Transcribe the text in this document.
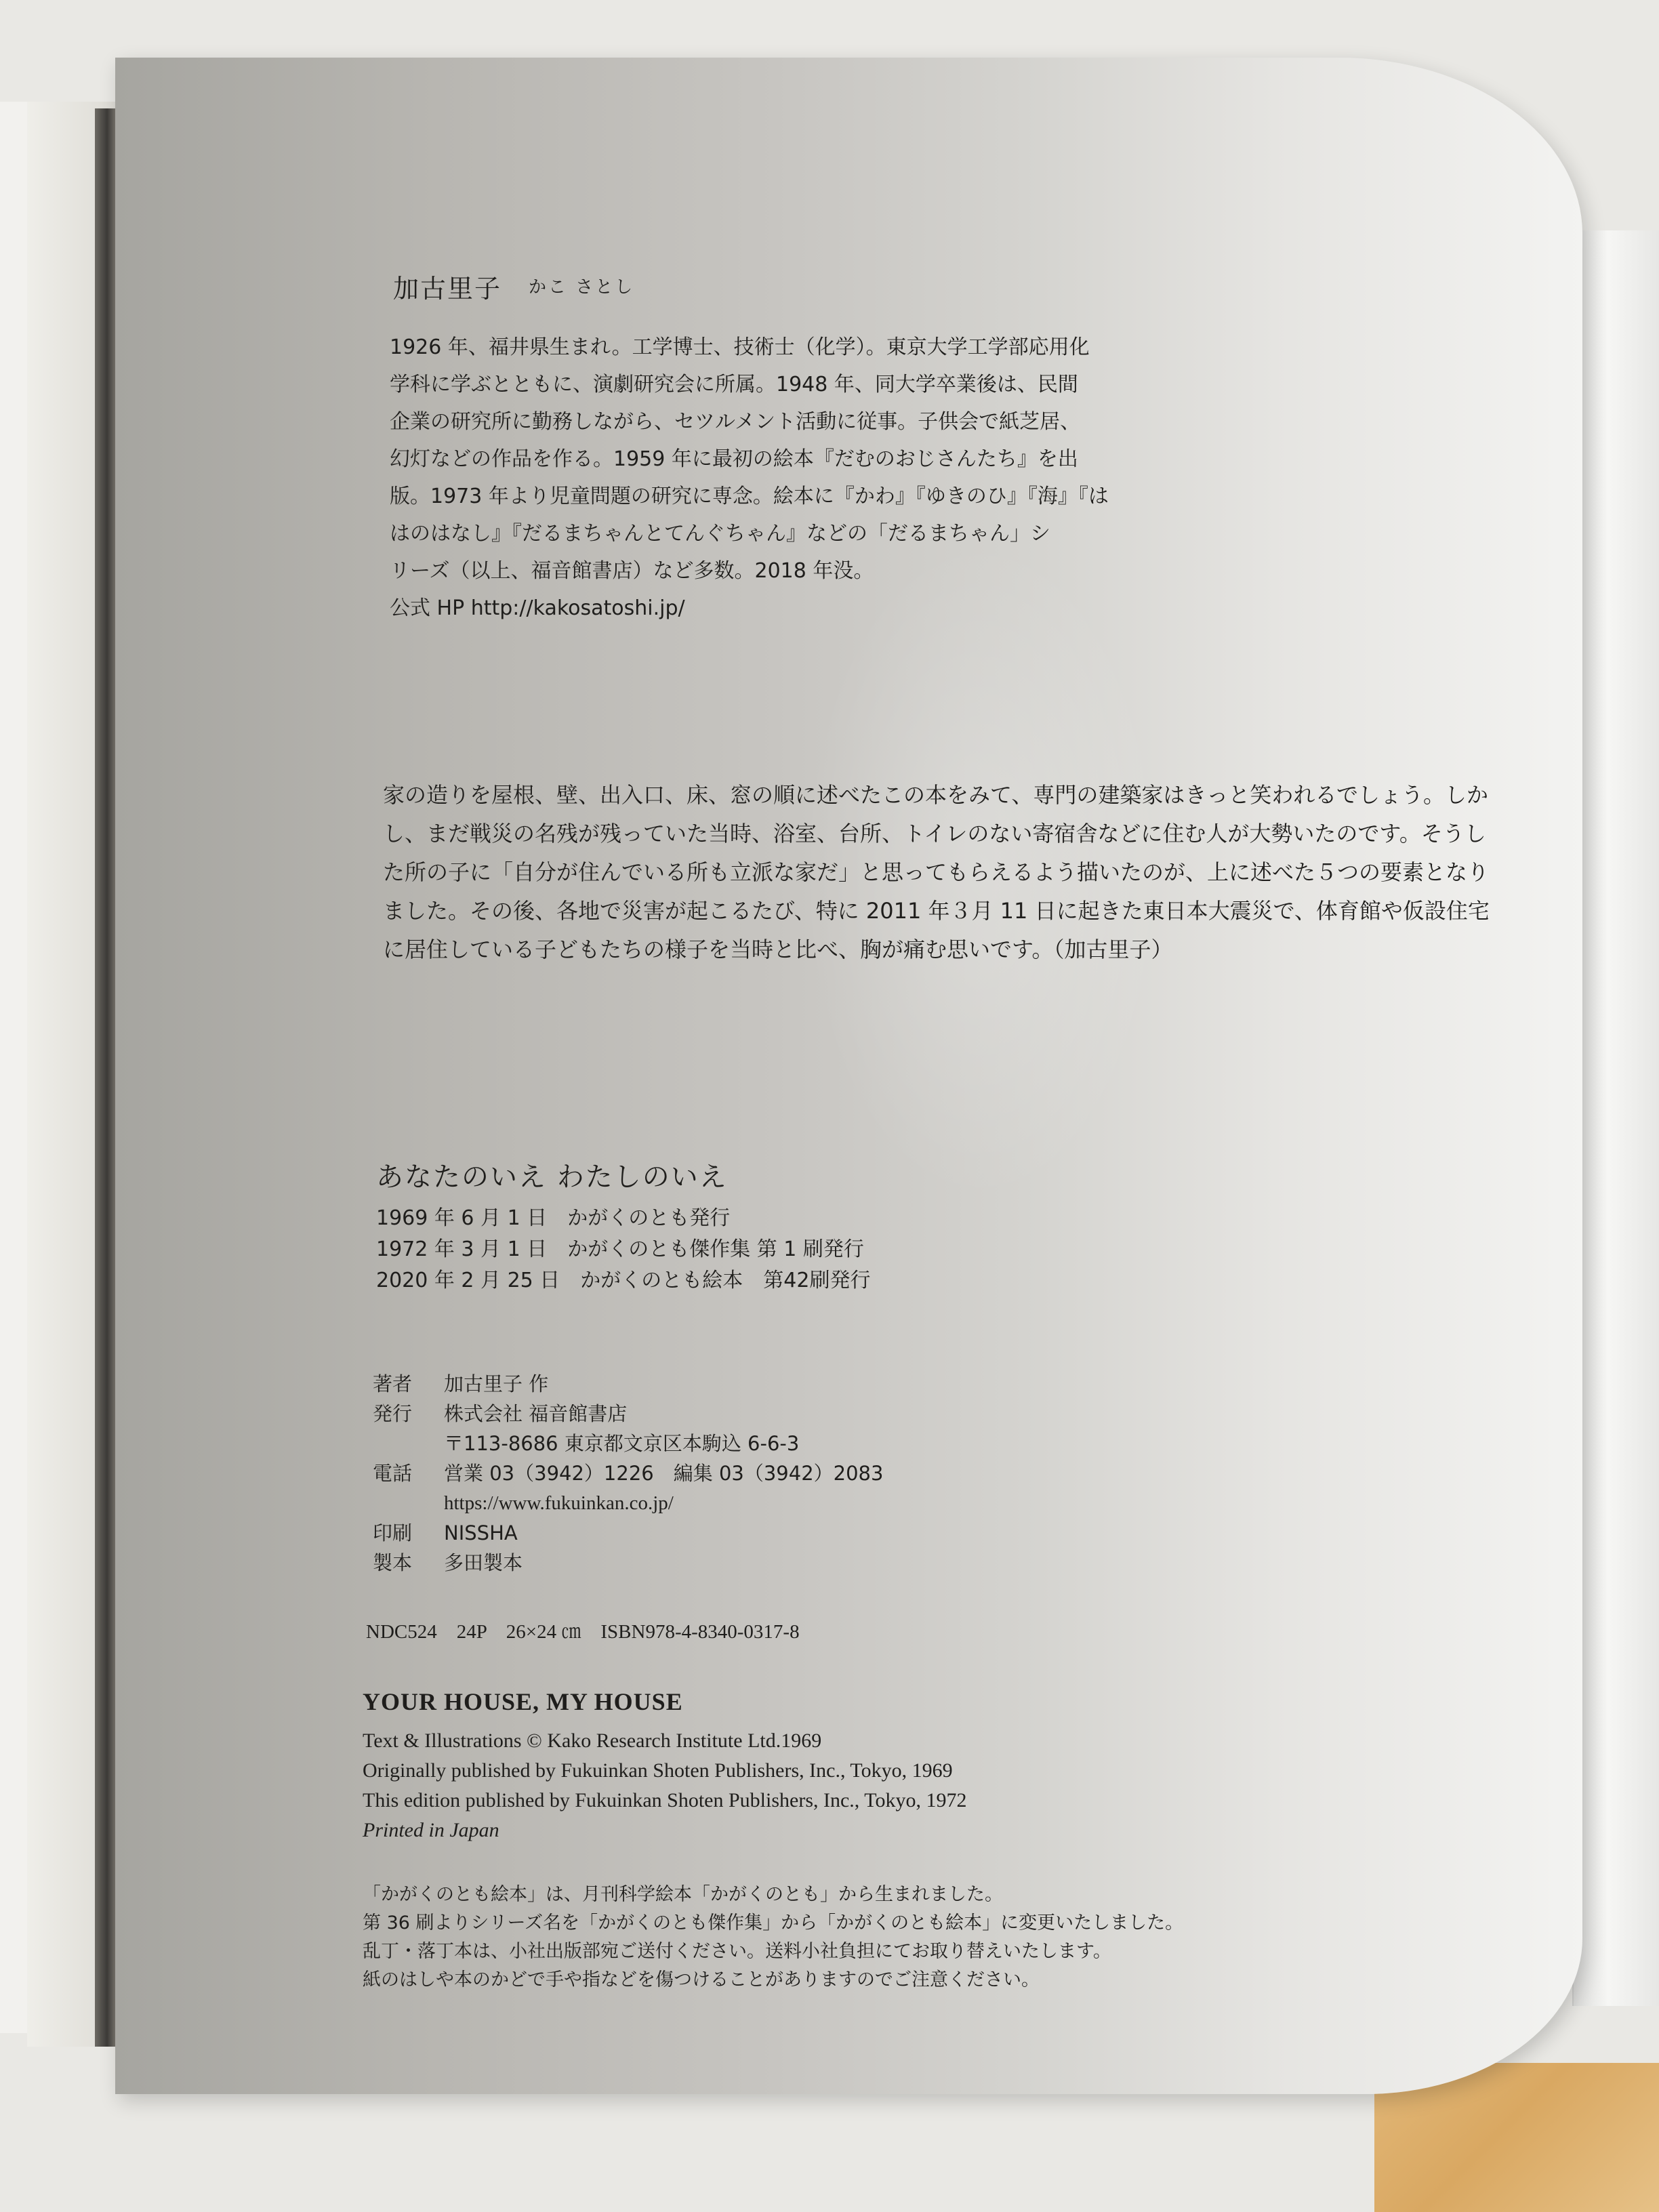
加古里子 かこ さとし
1926 年、福井県生まれ。工学博士、技術士（化学）。東京大学工学部応用化
学科に学ぶとともに、演劇研究会に所属。1948 年、同大学卒業後は、民間
企業の研究所に勤務しながら、セツルメント活動に従事。子供会で紙芝居、
幻灯などの作品を作る。1959 年に最初の絵本『だむのおじさんたち』を出
版。1973 年より児童問題の研究に専念。絵本に『かわ』『ゆきのひ』『海』『は
はのはなし』『だるまちゃんとてんぐちゃん』などの「だるまちゃん」シ
リーズ（以上、福音館書店）など多数。2018 年没。
公式 HP http://kakosatoshi.jp/
家の造りを屋根、壁、出入口、床、窓の順に述べたこの本をみて、専門の建築家はきっと笑われるでしょう。しか
し、まだ戦災の名残が残っていた当時、浴室、台所、トイレのない寄宿舎などに住む人が大勢いたのです。そうし
た所の子に「自分が住んでいる所も立派な家だ」と思ってもらえるよう描いたのが、上に述べた５つの要素となり
ました。その後、各地で災害が起こるたび、特に 2011 年３月 11 日に起きた東日本大震災で、体育館や仮設住宅
に居住している子どもたちの様子を当時と比べ、胸が痛む思いです。（加古里子）
あなたのいえ わたしのいえ
1969 年 6 月 1 日　かがくのとも発行
1972 年 3 月 1 日　かがくのとも傑作集 第 1 刷発行
2020 年 2 月 25 日　かがくのとも絵本　第42刷発行
著者	加古里子 作
発行	株式会社 福音館書店
〒113-8686 東京都文京区本駒込 6-6-3
電話	営業 03（3942）1226　編集 03（3942）2083
https://www.fukuinkan.co.jp/
印刷	NISSHA
製本	多田製本
NDC524　24P　26×24 ㎝　ISBN978-4-8340-0317-8
YOUR HOUSE, MY HOUSE
Text & Illustrations © Kako Research Institute Ltd.1969
Originally published by Fukuinkan Shoten Publishers, Inc., Tokyo, 1969
This edition published by Fukuinkan Shoten Publishers, Inc., Tokyo, 1972
Printed in Japan
「かがくのとも絵本」は、月刊科学絵本「かがくのとも」から生まれました。
第 36 刷よりシリーズ名を「かがくのとも傑作集」から「かがくのとも絵本」に変更いたしました。
乱丁・落丁本は、小社出版部宛ご送付ください。送料小社負担にてお取り替えいたします。
紙のはしや本のかどで手や指などを傷つけることがありますのでご注意ください。
